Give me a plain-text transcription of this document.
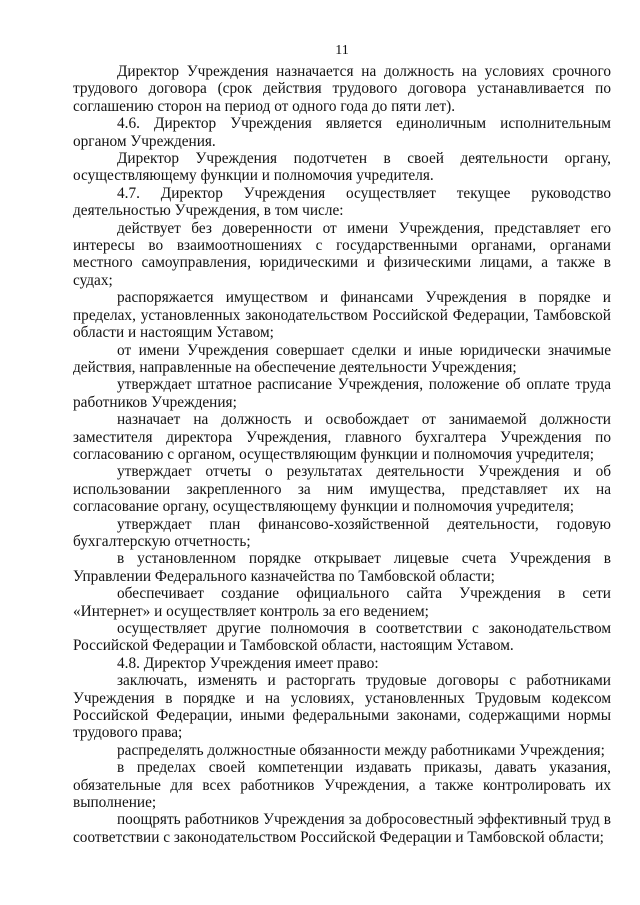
11

Директор Учреждения назначается на должность на условиях срочного трудового договора (срок действия трудового договора устанавливается по соглашению сторон на период от одного года до пяти лет).

4.6. Директор Учреждения является единоличным исполнительным органом Учреждения.

Директор Учреждения подотчетен в своей деятельности органу, осуществляющему функции и полномочия учредителя.

4.7. Директор Учреждения осуществляет текущее руководство деятельностью Учреждения, в том числе:

действует без доверенности от имени Учреждения, представляет его интересы во взаимоотношениях с государственными органами, органами местного самоуправления, юридическими и физическими лицами, а также в судах;

распоряжается имуществом и финансами Учреждения в порядке и пределах, установленных законодательством Российской Федерации, Тамбовской области и настоящим Уставом;

от имени Учреждения совершает сделки и иные юридически значимые действия, направленные на обеспечение деятельности Учреждения;

утверждает штатное расписание Учреждения, положение об оплате труда работников Учреждения;

назначает на должность и освобождает от занимаемой должности заместителя директора Учреждения, главного бухгалтера Учреждения по согласованию с органом, осуществляющим функции и полномочия учредителя;

утверждает отчеты о результатах деятельности Учреждения и об использовании закрепленного за ним имущества, представляет их на согласование органу, осуществляющему функции и полномочия учредителя;

утверждает план финансово-хозяйственной деятельности, годовую бухгалтерскую отчетность;

в установленном порядке открывает лицевые счета Учреждения в Управлении Федерального казначейства по Тамбовской области;

обеспечивает создание официального сайта Учреждения в сети «Интернет» и осуществляет контроль за его ведением;

осуществляет другие полномочия в соответствии с законодательством Российской Федерации и Тамбовской области, настоящим Уставом.

4.8. Директор Учреждения имеет право:

заключать, изменять и расторгать трудовые договоры с работниками Учреждения в порядке и на условиях, установленных Трудовым кодексом Российской Федерации, иными федеральными законами, содержащими нормы трудового права;

распределять должностные обязанности между работниками Учреждения;

в пределах своей компетенции издавать приказы, давать указания, обязательные для всех работников Учреждения, а также контролировать их выполнение;

поощрять работников Учреждения за добросовестный эффективный труд в соответствии с законодательством Российской Федерации и Тамбовской области;
